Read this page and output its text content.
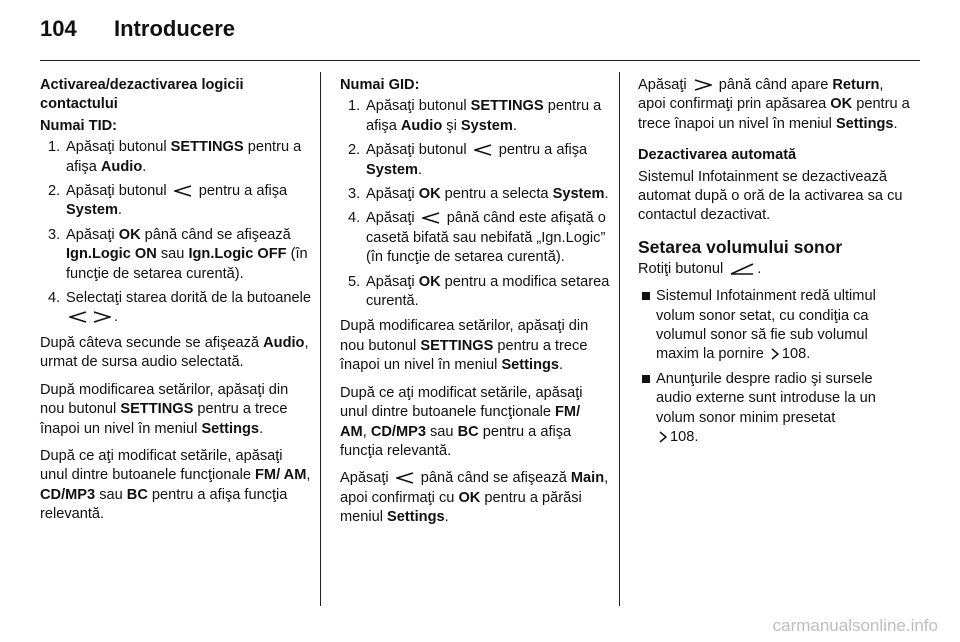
104 Introducere

Activarea/dezactivarea logicii contactului

Numai TID:

1. Apăsaţi butonul SETTINGS pentru a afişa Audio.
2. Apăsaţi butonul  pentru a afişa System.
3. Apăsaţi OK până când se afişează Ign.Logic ON sau Ign.Logic OFF (în funcţie de setarea curentă).
4. Selectaţi starea dorită de la butoanele .

După câteva secunde se afişează Audio, urmat de sursa audio selectată.

După modificarea setărilor, apăsaţi din nou butonul SETTINGS pentru a trece înapoi un nivel în meniul Settings.

După ce aţi modificat setările, apăsaţi unul dintre butoanele funcţionale FM/ AM, CD/MP3 sau BC pentru a afişa funcţia relevantă.

Numai GID:

1. Apăsaţi butonul SETTINGS pentru a afişa Audio şi System.
2. Apăsaţi butonul  pentru a afişa System.
3. Apăsaţi OK pentru a selecta System.
4. Apăsaţi  până când este afişată o casetă bifată sau nebifată „Ign.Logic” (în funcţie de setarea curentă).
5. Apăsaţi OK pentru a modifica setarea curentă.

După modificarea setărilor, apăsaţi din nou butonul SETTINGS pentru a trece înapoi un nivel în meniul Settings.

După ce aţi modificat setările, apăsaţi unul dintre butoanele funcţionale FM/ AM, CD/MP3 sau BC pentru a afişa funcţia relevantă.

Apăsaţi  până când se afişează Main, apoi confirmaţi cu OK pentru a părăsi meniul Settings.

Apăsaţi  până când apare Return, apoi confirmaţi prin apăsarea OK pentru a trece înapoi un nivel în meniul Settings.

Dezactivarea automată

Sistemul Infotainment se dezactivează automat după o oră de la activarea sa cu contactul dezactivat.

Setarea volumului sonor

Rotiţi butonul .

Sistemul Infotainment redă ultimul volum sonor setat, cu condiţia ca volumul sonor să fie sub volumul maxim la pornire 108.
Anunţurile despre radio şi sursele audio externe sunt introduse la un volum sonor minim presetat
108.
carmanualsonline.info
